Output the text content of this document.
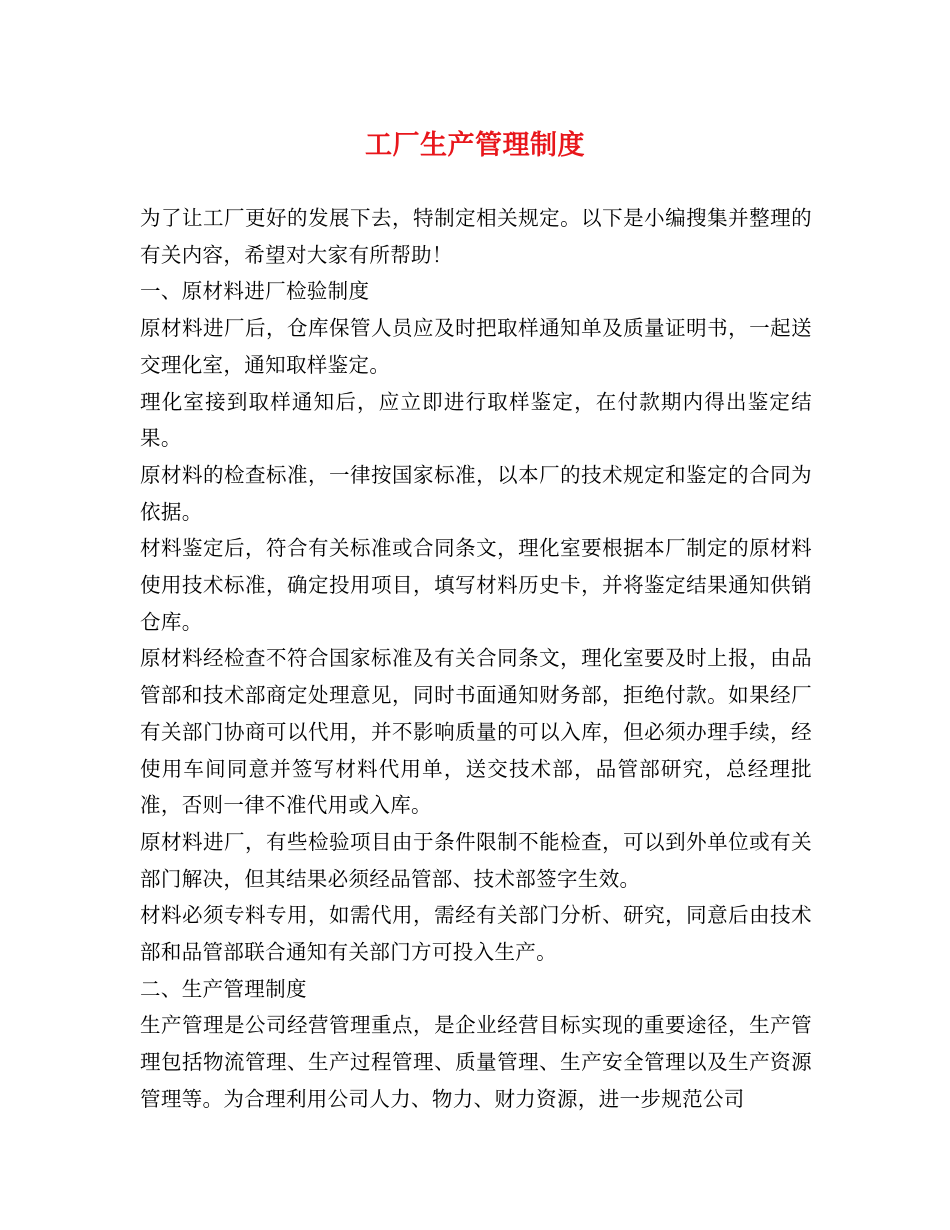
工厂生产管理制度

为了让工厂更好的发展下去，特制定相关规定。以下是小编搜集并整理的有关内容，希望对大家有所帮助！

一、原材料进厂检验制度

原材料进厂后，仓库保管人员应及时把取样通知单及质量证明书，一起送交理化室，通知取样鉴定。

理化室接到取样通知后，应立即进行取样鉴定，在付款期内得出鉴定结果。

原材料的检查标准，一律按国家标准，以本厂的技术规定和鉴定的合同为依据。

材料鉴定后，符合有关标准或合同条文，理化室要根据本厂制定的原材料使用技术标准，确定投用项目，填写材料历史卡，并将鉴定结果通知供销仓库。

原材料经检查不符合国家标准及有关合同条文，理化室要及时上报，由品管部和技术部商定处理意见，同时书面通知财务部，拒绝付款。如果经厂有关部门协商可以代用，并不影响质量的可以入库，但必须办理手续，经使用车间同意并签写材料代用单，送交技术部，品管部研究，总经理批准，否则一律不准代用或入库。

原材料进厂，有些检验项目由于条件限制不能检查，可以到外单位或有关部门解决，但其结果必须经品管部、技术部签字生效。

材料必须专料专用，如需代用，需经有关部门分析、研究，同意后由技术部和品管部联合通知有关部门方可投入生产。

二、生产管理制度

生产管理是公司经营管理重点，是企业经营目标实现的重要途径，生产管理包括物流管理、生产过程管理、质量管理、生产安全管理以及生产资源管理等。为合理利用公司人力、物力、财力资源，进一步规范公司
